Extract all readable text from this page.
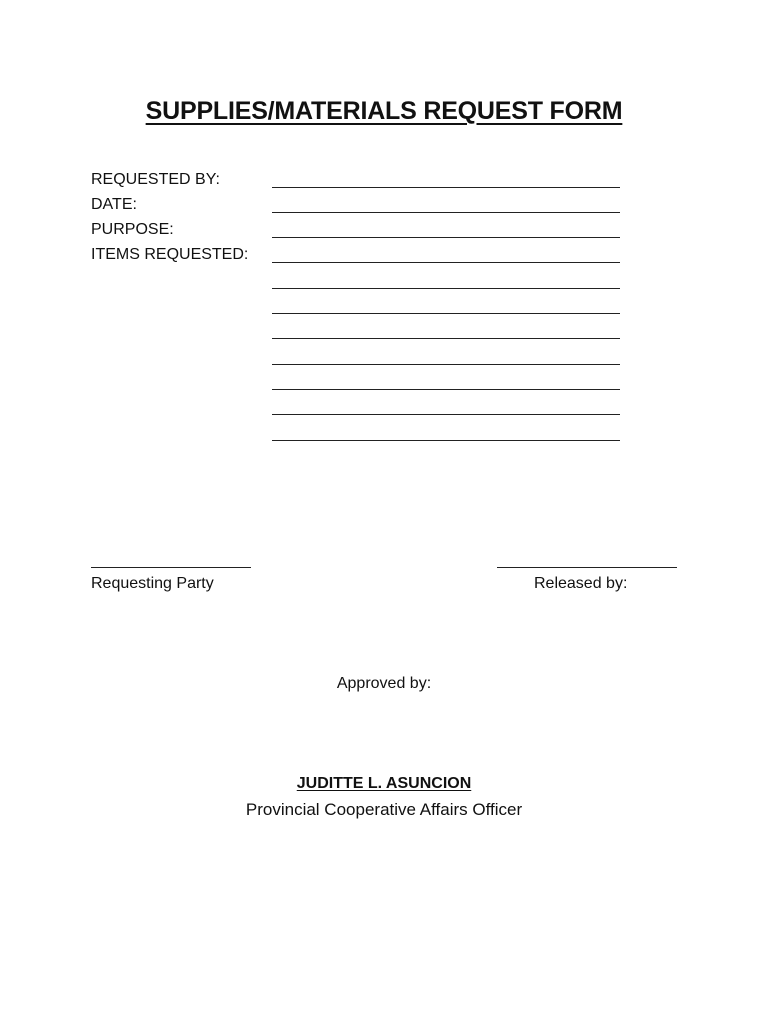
SUPPLIES/MATERIALS REQUEST FORM
REQUESTED BY:
DATE:
PURPOSE:
ITEMS REQUESTED:
Requesting Party	Released by:
Approved by:
JUDITTE L. ASUNCION
Provincial Cooperative Affairs Officer
